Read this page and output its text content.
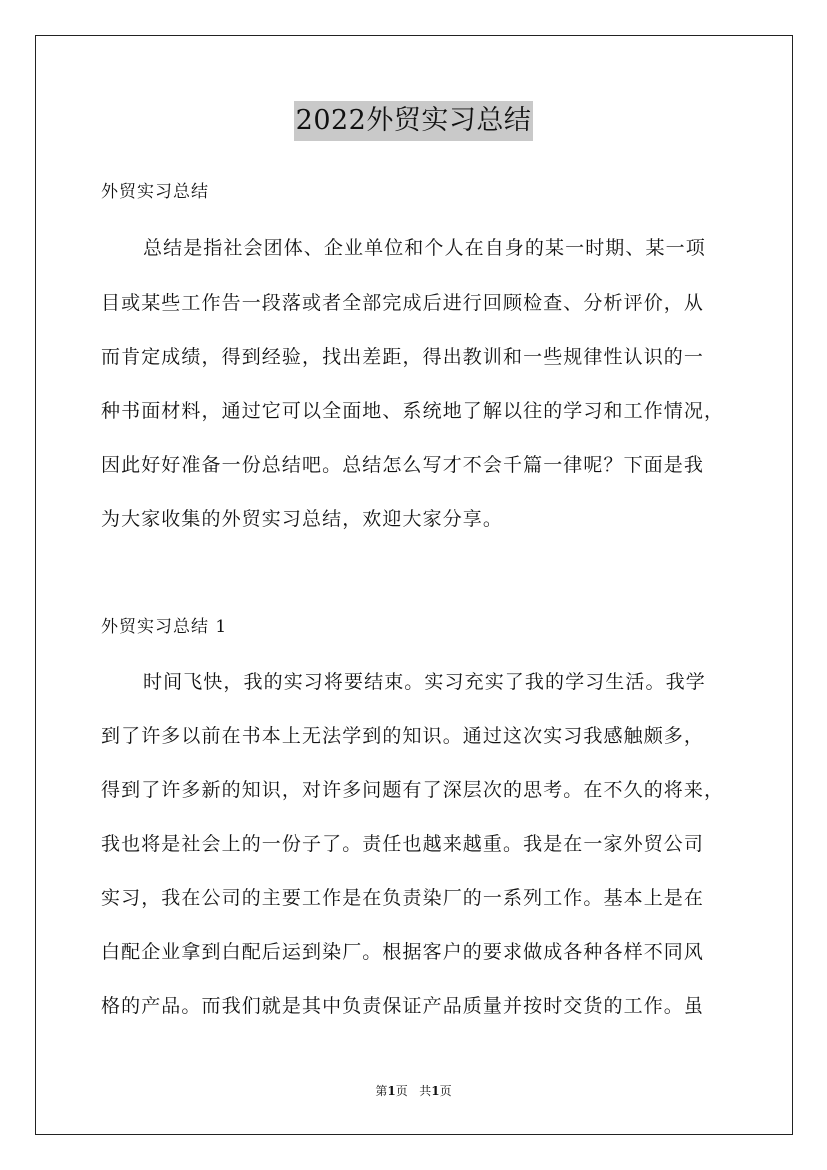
2022外贸实习总结
外贸实习总结
总结是指社会团体、企业单位和个人在自身的某一时期、某一项
目或某些工作告一段落或者全部完成后进行回顾检查、分析评价，从
而肯定成绩，得到经验，找出差距，得出教训和一些规律性认识的一
种书面材料，通过它可以全面地、系统地了解以往的学习和工作情况，
因此好好准备一份总结吧。总结怎么写才不会千篇一律呢？下面是我
为大家收集的外贸实习总结，欢迎大家分享。
外贸实习总结 1
时间飞快，我的实习将要结束。实习充实了我的学习生活。我学
到了许多以前在书本上无法学到的知识。通过这次实习我感触颇多，
得到了许多新的知识，对许多问题有了深层次的思考。在不久的将来，
我也将是社会上的一份子了。责任也越来越重。我是在一家外贸公司
实习，我在公司的主要工作是在负责染厂的一系列工作。基本上是在
白配企业拿到白配后运到染厂。根据客户的要求做成各种各样不同风
格的产品。而我们就是其中负责保证产品质量并按时交货的工作。虽
第1页 共1页
